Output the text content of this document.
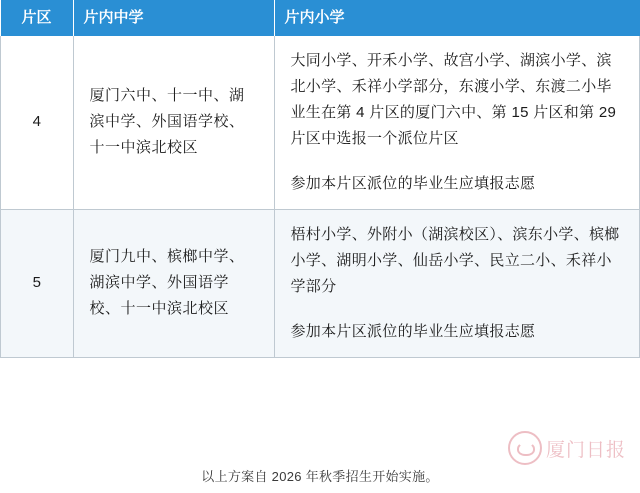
片区	片内中学	片内小学
4	厦门六中、十一中、湖滨中学、外国语学校、十一中滨北校区	大同小学、开禾小学、故宫小学、湖滨小学、滨北小学、禾祥小学部分，东渡小学、东渡二小毕业生在第 4 片区的厦门六中、第 15 片区和第 29 片区中选报一个派位片区

参加本片区派位的毕业生应填报志愿

5	厦门九中、槟榔中学、湖滨中学、外国语学校、十一中滨北校区	梧村小学、外附小（湖滨校区）、滨东小学、槟榔小学、湖明小学、仙岳小学、民立二小、禾祥小学部分

参加本片区派位的毕业生应填报志愿

厦门日报
以上方案自 2026 年秋季招生开始实施。
